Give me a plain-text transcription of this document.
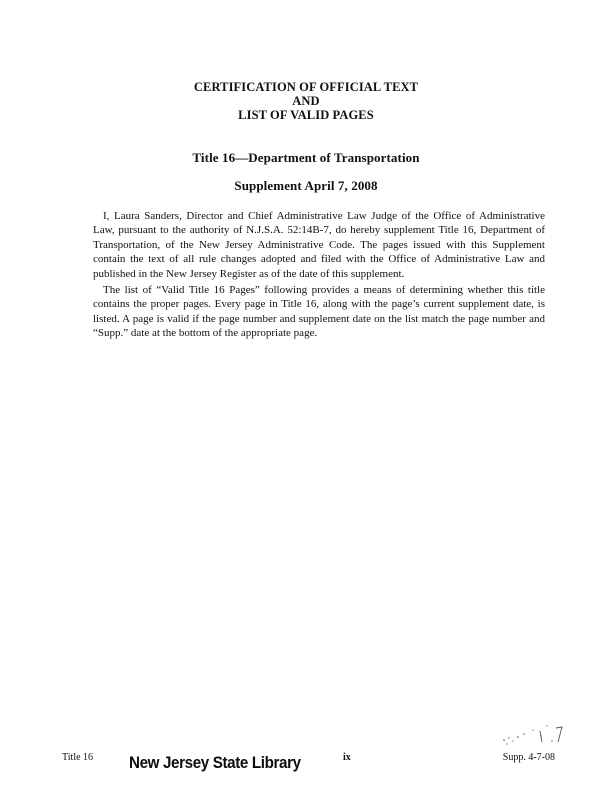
CERTIFICATION OF OFFICIAL TEXT
AND
LIST OF VALID PAGES
Title 16—Department of Transportation
Supplement April 7, 2008

I, Laura Sanders, Director and Chief Administrative Law Judge of the Office of Administrative Law, pursuant to the authority of N.J.S.A. 52:14B-7, do hereby supplement Title 16, Department of Transportation, of the New Jersey Administrative Code. The pages issued with this Supplement contain the text of all rule changes adopted and filed with the Office of Administrative Law and published in the New Jersey Register as of the date of this supplement.

The list of “Valid Title 16 Pages” following provides a means of determining whether this title contains the proper pages. Every page in Title 16, along with the page’s current supplement date, is listed. A page is valid if the page number and supplement date on the list match the page number and “Supp.” date at the bottom of the appropriate page.

Title 16 New Jersey State Library	ix	Supp. 4-7-08
